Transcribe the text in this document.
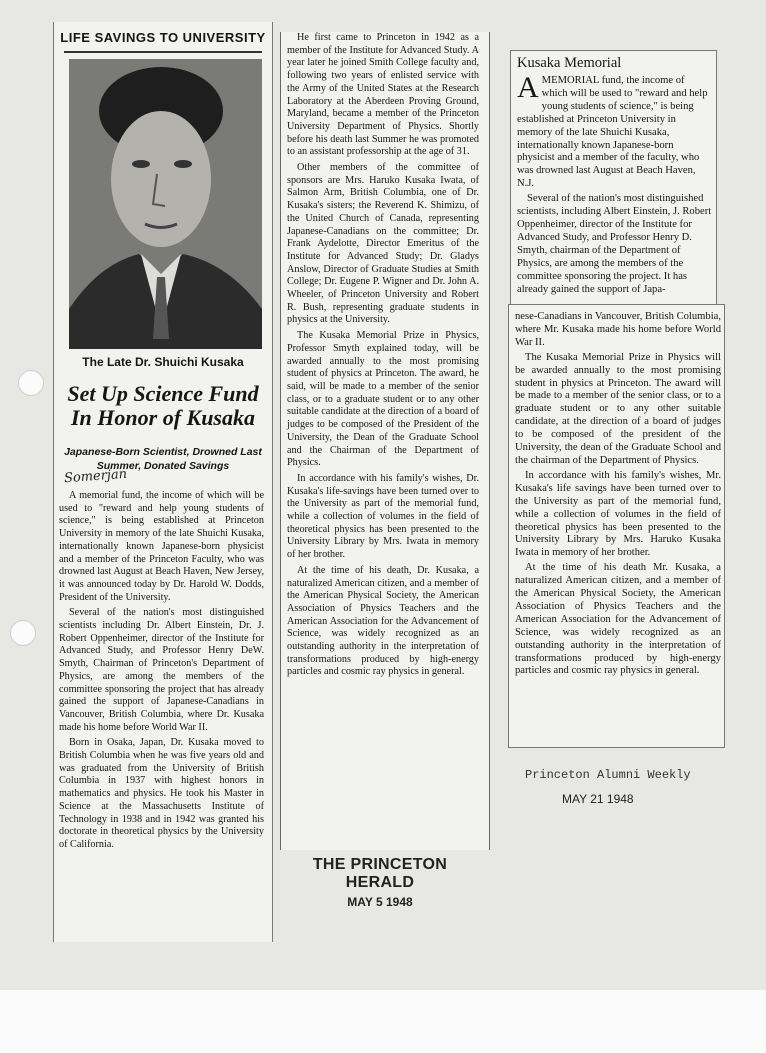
LIFE SAVINGS TO UNIVERSITY
The Late Dr. Shuichi Kusaka
Set Up Science Fund In Honor of Kusaka
Japanese-Born Scientist, Drowned Last Summer, Donated Savings
Somerjan

A memorial fund, the income of which will be used to "reward and help young students of science," is being established at Princeton University in memory of the late Shuichi Kusaka, internationally known Japanese-born physicist and a member of the Princeton Faculty, who was drowned last August at Beach Haven, New Jersey, it was announced today by Dr. Harold W. Dodds, President of the University.

Several of the nation's most distinguished scientists including Dr. Albert Einstein, Dr. J. Robert Oppenheimer, director of the Institute for Advanced Study, and Professor Henry DeW. Smyth, Chairman of Princeton's Department of Physics, are among the members of the committee sponsoring the project that has already gained the support of Japanese-Canadians in Vancouver, British Columbia, where Dr. Kusaka made his home before World War II.

Born in Osaka, Japan, Dr. Kusaka moved to British Columbia when he was five years old and was graduated from the University of British Columbia in 1937 with highest honors in mathematics and physics. He took his Master in Science at the Massachusetts Institute of Technology in 1938 and in 1942 was granted his doctorate in theoretical physics by the University of California.

He first came to Princeton in 1942 as a member of the Institute for Advanced Study. A year later he joined Smith College faculty and, following two years of enlisted service with the Army of the United States at the Research Laboratory at the Aberdeen Proving Ground, Maryland, became a member of the Princeton University Department of Physics. Shortly before his death last Summer he was promoted to an assistant professorship at the age of 31.

Other members of the committee of sponsors are Mrs. Haruko Kusaka Iwata, of Salmon Arm, British Columbia, one of Dr. Kusaka's sisters; the Reverend K. Shimizu, of the United Church of Canada, representing Japanese-Canadians on the committee; Dr. Frank Aydelotte, Director Emeritus of the Institute for Advanced Study; Dr. Gladys Anslow, Director of Graduate Studies at Smith College; Dr. Eugene P. Wigner and Dr. John A. Wheeler, of Princeton University and Robert R. Bush, representing graduate students in physics at the University.

The Kusaka Memorial Prize in Physics, Professor Smyth explained today, will be awarded annually to the most promising student of physics at Princeton. The award, he said, will be made to a member of the senior class, or to a graduate student or to any other suitable candidate at the direction of a board of judges to be composed of the President of the University, the Dean of the Graduate School and the Chairman of the Department of Physics.

In accordance with his family's wishes, Dr. Kusaka's life-savings have been turned over to the University as part of the memorial fund, while a collection of volumes in the field of theoretical physics has been presented to the University Library by Mrs. Iwata in memory of her brother.

At the time of his death, Dr. Kusaka, a naturalized American citizen, and a member of the American Physical Society, the American Association of Physics Teachers and the American Association for the Advancement of Science, was widely recognized as an outstanding authority in the interpretation of transformations produced by high-energy particles and cosmic ray physics in general.

THE PRINCETON HERALD
MAY 5 1948
Kusaka Memorial

AMEMORIAL fund, the income of which will be used to "reward and help young students of science," is being established at Princeton University in memory of the late Shuichi Kusaka, internationally known Japanese-born physicist and a member of the faculty, who was drowned last August at Beach Haven, N.J.

Several of the nation's most distinguished scientists, including Albert Einstein, J. Robert Oppenheimer, director of the Institute for Advanced Study, and Professor Henry D. Smyth, chairman of the Department of Physics, are among the members of the committee sponsoring the project. It has already gained the support of Japa-

nese-Canadians in Vancouver, British Columbia, where Mr. Kusaka made his home before World War II.

The Kusaka Memorial Prize in Physics will be awarded annually to the most promising student in physics at Princeton. The award will be made to a member of the senior class, or to a graduate student or to any other suitable candidate, at the direction of a board of judges to be composed of the president of the University, the dean of the Graduate School and the chairman of the Department of Physics.

In accordance with his family's wishes, Mr. Kusaka's life savings have been turned over to the University as part of the memorial fund, while a collection of volumes in the field of theoretical physics has been presented to the University Library by Mrs. Haruko Kusaka Iwata in memory of her brother.

At the time of his death Mr. Kusaka, a naturalized American citizen, and a member of the American Physical Society, the American Association of Physics Teachers and the American Association for the Advancement of Science, was widely recognized as an outstanding authority in the interpretation of transformations produced by high-energy particles and cosmic ray physics in general.

Princeton Alumni Weekly
MAY 21 1948
